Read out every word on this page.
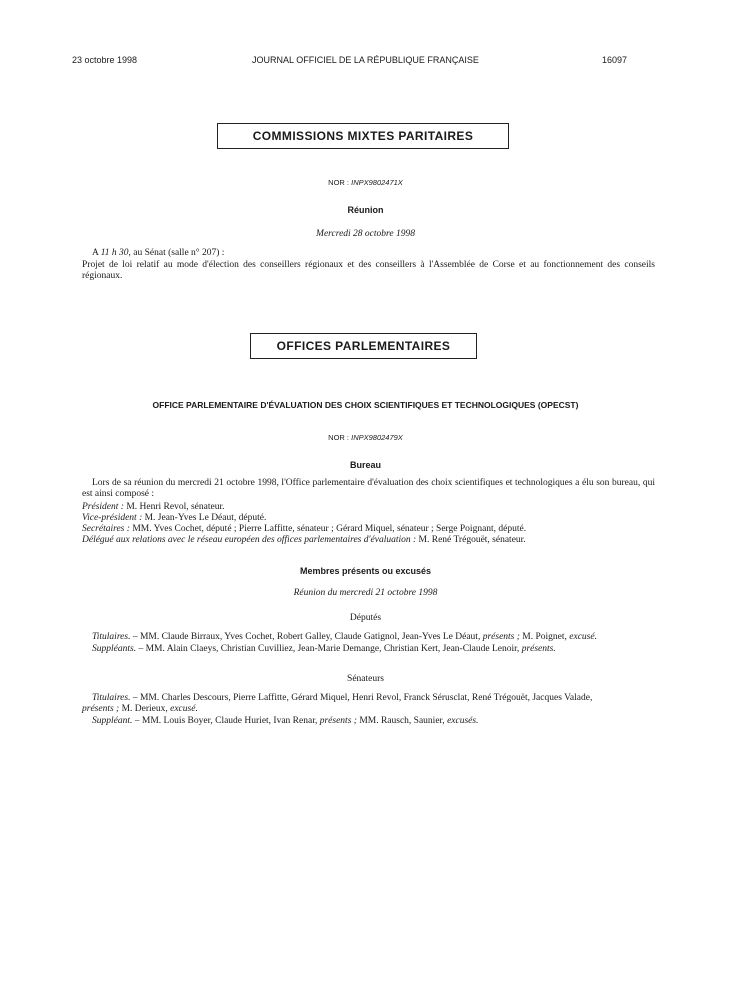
23 octobre 1998	JOURNAL OFFICIEL DE LA RÉPUBLIQUE FRANÇAISE	16097
COMMISSIONS MIXTES PARITAIRES
NOR : INPX9802471X
Réunion
Mercredi 28 octobre 1998
A 11 h 30, au Sénat (salle n° 207) :
Projet de loi relatif au mode d'élection des conseillers régionaux et des conseillers à l'Assemblée de Corse et au fonctionnement des conseils régionaux.
OFFICES PARLEMENTAIRES
OFFICE PARLEMENTAIRE D'ÉVALUATION DES CHOIX SCIENTIFIQUES ET TECHNOLOGIQUES (OPECST)
NOR : INPX9802479X
Bureau
Lors de sa réunion du mercredi 21 octobre 1998, l'Office parlementaire d'évaluation des choix scientifiques et technologiques a élu son bureau, qui est ainsi composé :
Président : M. Henri Revol, sénateur.
Vice-président : M. Jean-Yves Le Déaut, député.
Secrétaires : MM. Yves Cochet, député ; Pierre Laffitte, sénateur ; Gérard Miquel, sénateur ; Serge Poignant, député.
Délégué aux relations avec le réseau européen des offices parlementaires d'évaluation : M. René Trégouët, sénateur.
Membres présents ou excusés
Réunion du mercredi 21 octobre 1998
Députés
Titulaires. – MM. Claude Birraux, Yves Cochet, Robert Galley, Claude Gatignol, Jean-Yves Le Déaut, présents ; M. Poignet, excusé.
Suppléants. – MM. Alain Claeys, Christian Cuvilliez, Jean-Marie Demange, Christian Kert, Jean-Claude Lenoir, présents.
Sénateurs
Titulaires. – MM. Charles Descours, Pierre Laffitte, Gérard Miquel, Henri Revol, Franck Sérusclat, René Trégouët, Jacques Valade,
présents ; M. Derieux, excusé.
Suppléant. – MM. Louis Boyer, Claude Huriet, Ivan Renar, présents ; MM. Rausch, Saunier, excusés.
